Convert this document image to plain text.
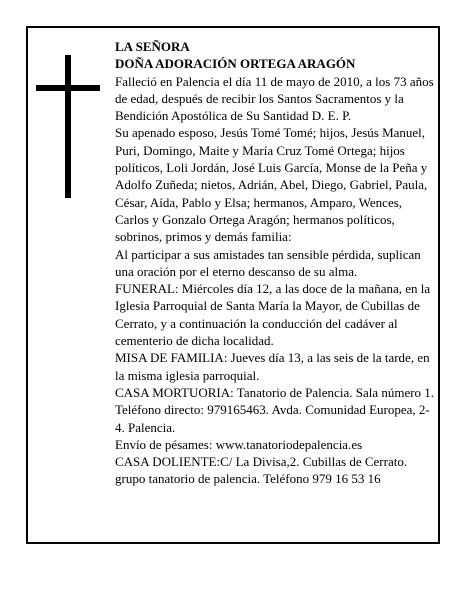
LA SEÑORA

DOÑA ADORACIÓN ORTEGA ARAGÓN

Falleció en Palencia el día 11 de mayo de 2010, a los 73 años de edad, después de recibir los Santos Sacramentos y la Bendición Apostólica de Su Santidad D. E. P.

Su apenado esposo, Jesús Tomé Tomé; hijos, Jesús Manuel, Puri, Domingo, Maite y María Cruz Tomé Ortega; hijos políticos, Loli Jordán, José Luis García, Monse de la Peña y Adolfo Zuñeda; nietos, Adrián, Abel, Diego, Gabriel, Paula, César, Aída, Pablo y Elsa; hermanos, Amparo, Wences, Carlos y Gonzalo Ortega Aragón; hermanos políticos, sobrinos, primos y demás familia:

Al participar a sus amistades tan sensible pérdida, suplican una oración por el eterno descanso de su alma.

FUNERAL: Miércoles día 12, a las doce de la mañana, en la Iglesia Parroquial de Santa María la Mayor, de Cubillas de Cerrato, y a continuación la conducción del cadáver al cementerio de dicha localidad.

MISA DE FAMILIA: Jueves día 13, a las seis de la tarde, en la misma iglesia parroquial.

CASA MORTUORIA: Tanatorio de Palencia. Sala número 1. Teléfono directo: 979165463. Avda. Comunidad Europea, 2-4. Palencia.

Envío de pésames: www.tanatoriodepalencia.es

CASA DOLIENTE:C/ La Divisa,2. Cubillas de Cerrato.

grupo tanatorio de palencia. Teléfono 979 16 53 16
